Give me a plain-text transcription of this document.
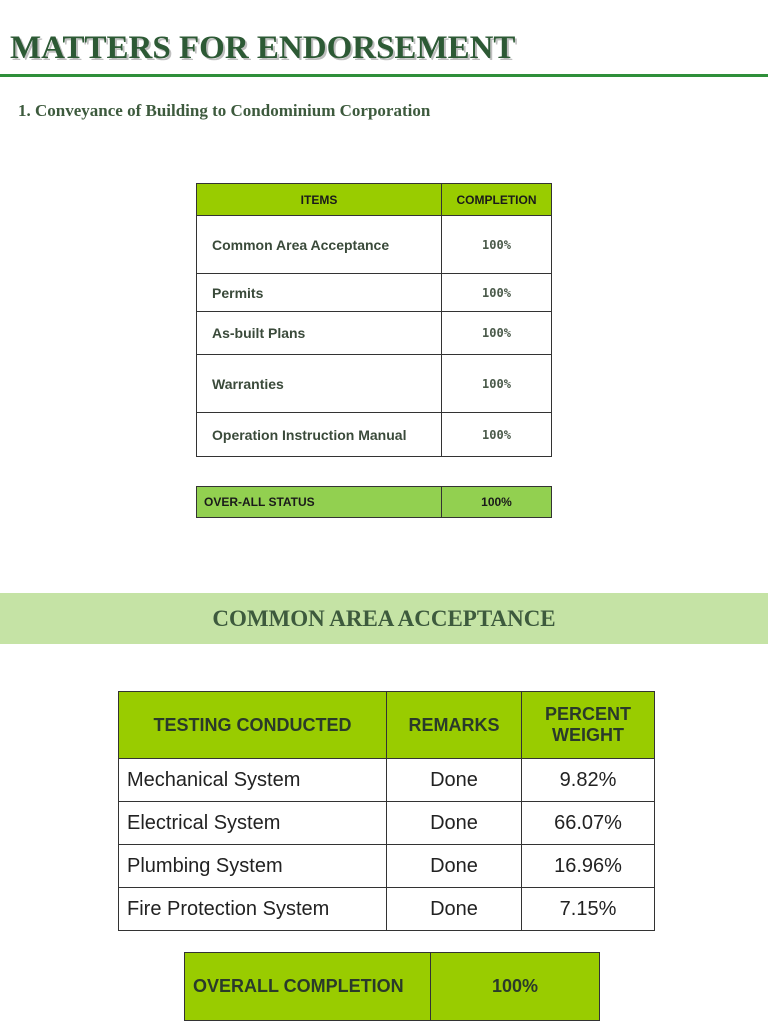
MATTERS FOR ENDORSEMENT
1. Conveyance of Building to Condominium Corporation
ITEMS	COMPLETION
Common Area Acceptance	100%
Permits	100%
As-built Plans	100%
Warranties	100%
Operation Instruction Manual	100%
OVER-ALL STATUS	100%
COMMON AREA ACCEPTANCE
TESTING CONDUCTED	REMARKS	PERCENT WEIGHT
Mechanical System	Done	9.82%
Electrical System	Done	66.07%
Plumbing System	Done	16.96%
Fire Protection System	Done	7.15%
OVERALL COMPLETION	100%
